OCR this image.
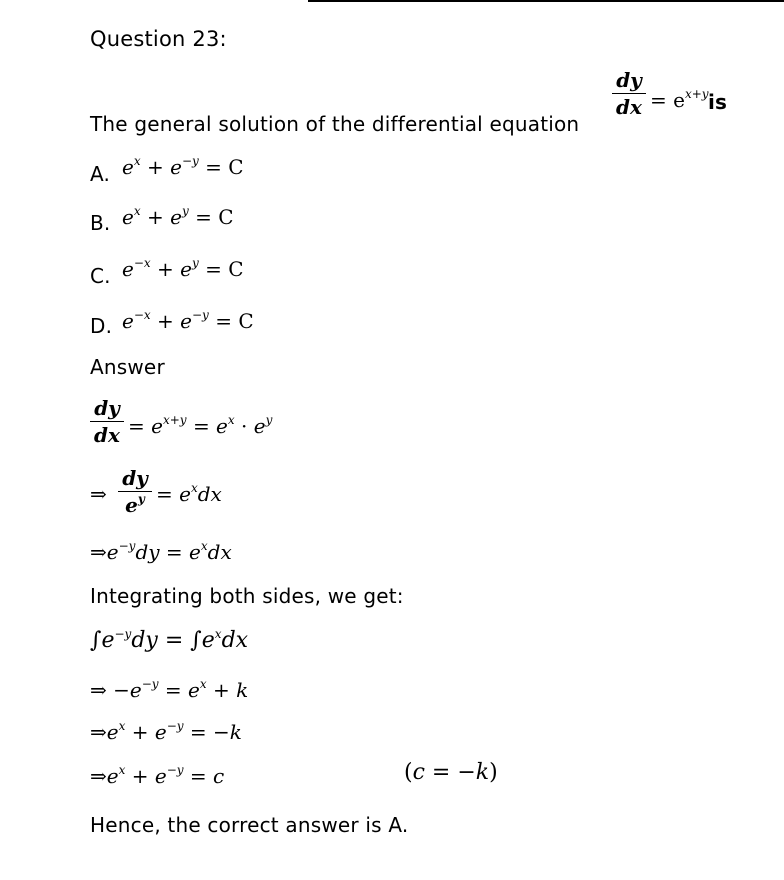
Question 23:
The general solution of the differential equation
dy
dx = $e^{x+y}$ is
A. $e^x + e^{-y} = C$
B. $e^x + e^y = C$
C. $e^{-x} + e^y = C$
D. $e^{-x} + e^{-y} = C$
Answer
dy
dx = $e^{x+y} = e^x \cdot e^y$
⇒
dy
$e^y = e^xdx$
$\Rightarrow e^{-y}dy = e^xdx$
Integrating both sides, we get:
$\int e^{-y}dy = \int e^xdx$
⇒ $-e^{-y} = e^x + k$
$\Rightarrow e^x + e^{-y} = -k$
$\Rightarrow e^x + e^{-y} = c$	(c = −k)
Hence, the correct answer is A.
